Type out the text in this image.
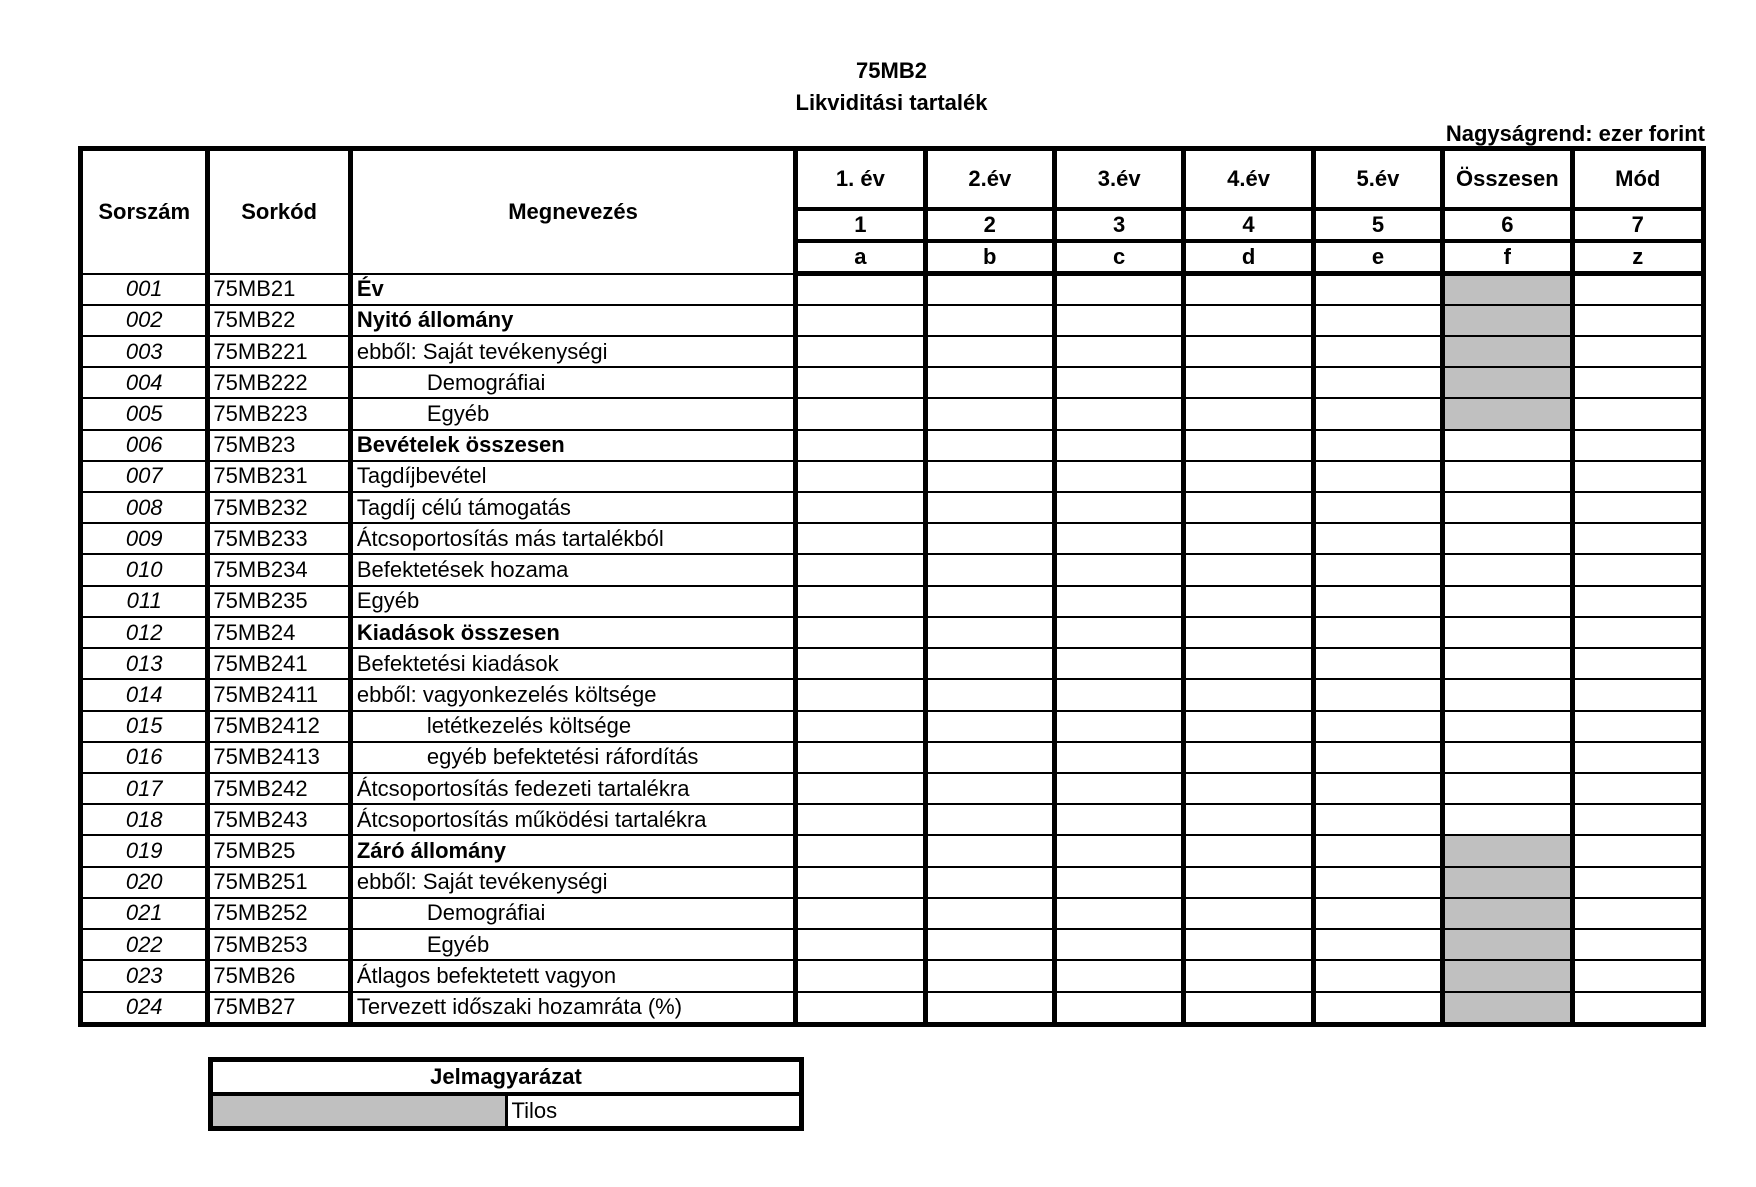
75MB2
Likviditási tartalék
Nagyságrend: ezer forint
Sorszám	Sorkód	Megnevezés	1. év	2.év	3.év	4.év	5.év	Összesen	Mód
			1	2	3	4	5	6	7
			a	b	c	d	e	f	z
001	75MB21	Év							
002	75MB22	Nyitó állomány							
003	75MB221	ebből: Saját tevékenységi							
004	75MB222	Demográfiai							
005	75MB223	Egyéb							
006	75MB23	Bevételek összesen							
007	75MB231	Tagdíjbevétel							
008	75MB232	Tagdíj célú támogatás							
009	75MB233	Átcsoportosítás más tartalékból							
010	75MB234	Befektetések hozama							
011	75MB235	Egyéb							
012	75MB24	Kiadások összesen							
013	75MB241	Befektetési kiadások							
014	75MB2411	ebből: vagyonkezelés költsége							
015	75MB2412	letétkezelés költsége							
016	75MB2413	egyéb befektetési ráfordítás							
017	75MB242	Átcsoportosítás fedezeti tartalékra							
018	75MB243	Átcsoportosítás működési tartalékra							
019	75MB25	Záró állomány							
020	75MB251	ebből: Saját tevékenységi							
021	75MB252	Demográfiai							
022	75MB253	Egyéb							
023	75MB26	Átlagos befektetett vagyon							
024	75MB27	Tervezett időszaki hozamráta (%)							
Jelmagyarázat
	Tilos
